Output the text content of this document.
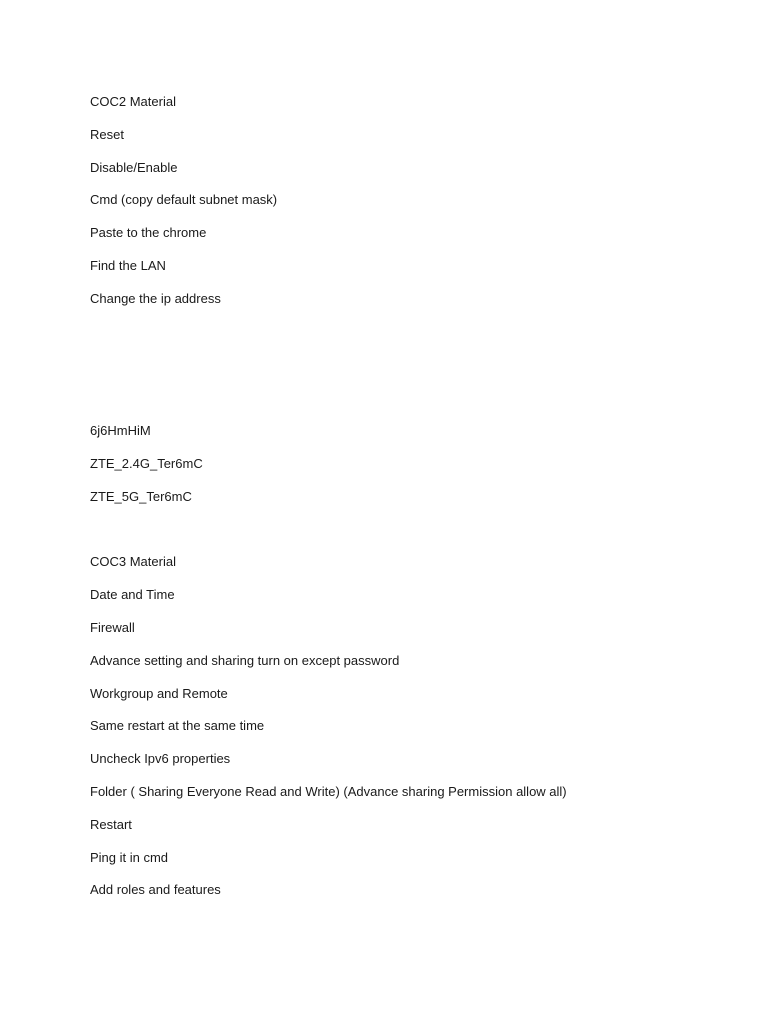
COC2 Material
Reset
Disable/Enable
Cmd (copy default subnet mask)
Paste to the chrome
Find the LAN
Change the ip address
6j6HmHiM
ZTE_2.4G_Ter6mC
ZTE_5G_Ter6mC
COC3 Material
Date and Time
Firewall
Advance setting and sharing turn on except password
Workgroup and Remote
Same restart at the same time
Uncheck Ipv6 properties
Folder ( Sharing Everyone Read and Write) (Advance sharing Permission allow all)
Restart
Ping it in cmd
Add roles and features
